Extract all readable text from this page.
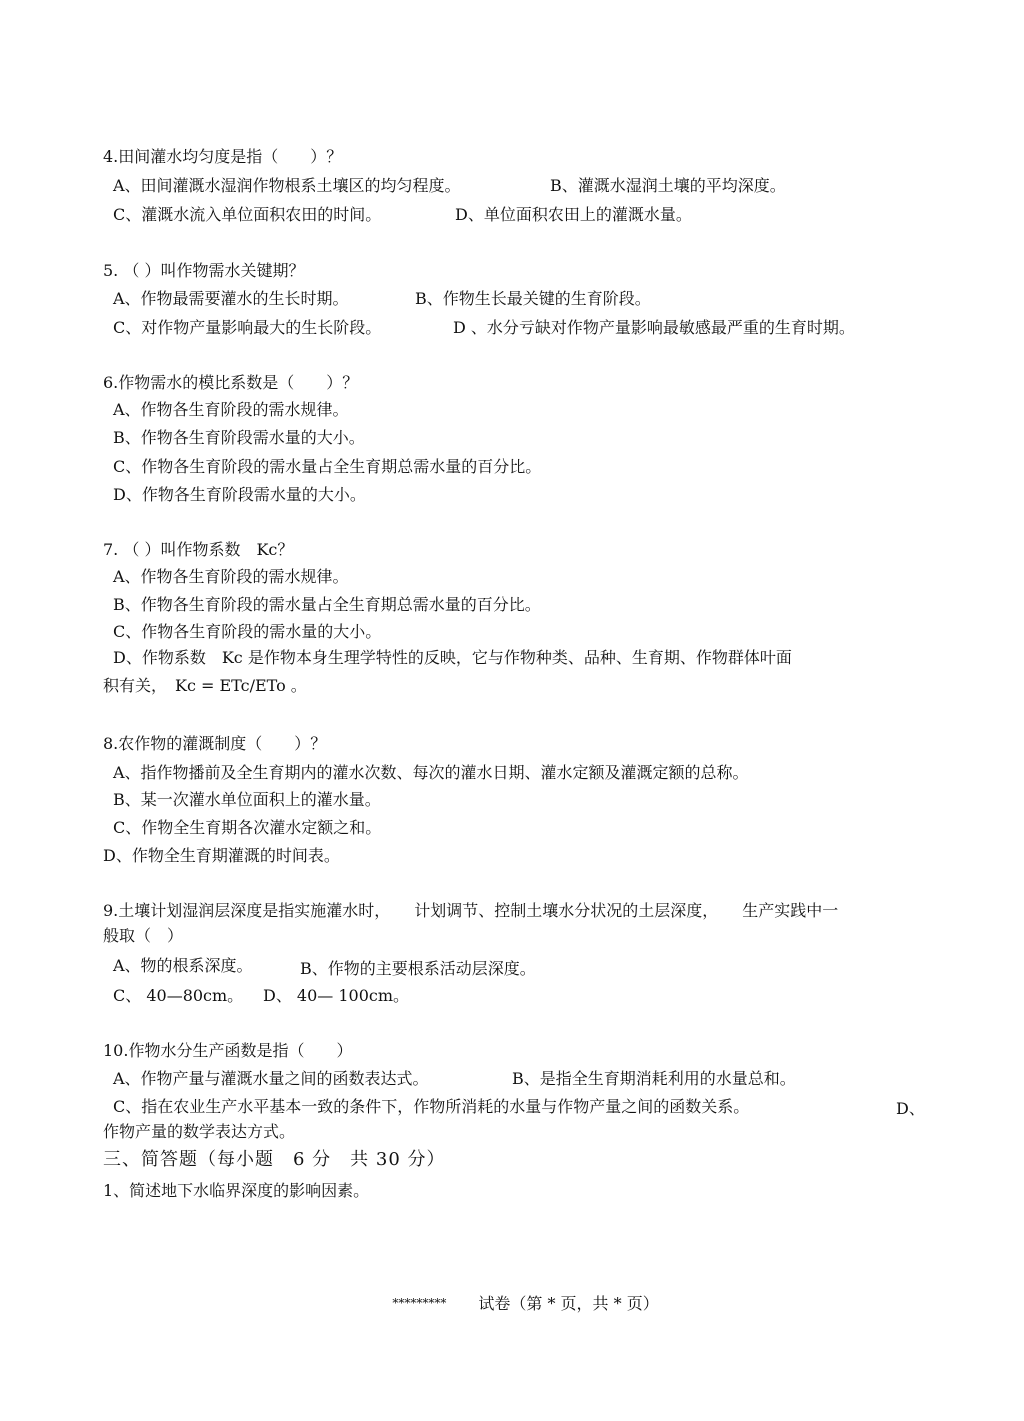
4.田间灌水均匀度是指（　　）？
A、田间灌溉水湿润作物根系土壤区的均匀程度。	B、灌溉水湿润土壤的平均深度。
C、灌溉水流入单位面积农田的时间。	D、单位面积农田上的灌溉水量。
5. （ ）叫作物需水关键期？
A、作物最需要灌水的生长时期。	B、作物生长最关键的生育阶段。
C、对作物产量影响最大的生长阶段。	D 、水分亏缺对作物产量影响最敏感最严重的生育时期。
6.作物需水的模比系数是（　　）？
A、作物各生育阶段的需水规律。
B、作物各生育阶段需水量的大小。
C、作物各生育阶段的需水量占全生育期总需水量的百分比。
D、作物各生育阶段需水量的大小。
7. （ ）叫作物系数　Kc？
A、作物各生育阶段的需水规律。
B、作物各生育阶段的需水量占全生育期总需水量的百分比。
C、作物各生育阶段的需水量的大小。
D、作物系数　Kc 是作物本身生理学特性的反映，它与作物种类、品种、生育期、作物群体叶面
积有关，　Kc = ETc/ETo 。
8.农作物的灌溉制度（　　）？
A、指作物播前及全生育期内的灌水次数、每次的灌水日期、灌水定额及灌溉定额的总称。
B、某一次灌水单位面积上的灌水量。
C、作物全生育期各次灌水定额之和。
D、作物全生育期灌溉的时间表。
9.土壤计划湿润层深度是指实施灌水时，　　计划调节、控制土壤水分状况的土层深度，　　生产实践中一
般取（　）
A、物的根系深度。	B、作物的主要根系活动层深度。
C、 40—80cm。 D、 40— 100cm。
10.作物水分生产函数是指（　　）
A、作物产量与灌溉水量之间的函数表达式。	B、是指全生育期消耗利用的水量总和。
C、指在农业生产水平基本一致的条件下，作物所消耗的水量与作物产量之间的函数关系。	D、
作物产量的数学表达方式。
三、简答题（每小题　6 分　共 30 分）
1、简述地下水临界深度的影响因素。

*********　　 试卷（第 * 页，共 * 页）
